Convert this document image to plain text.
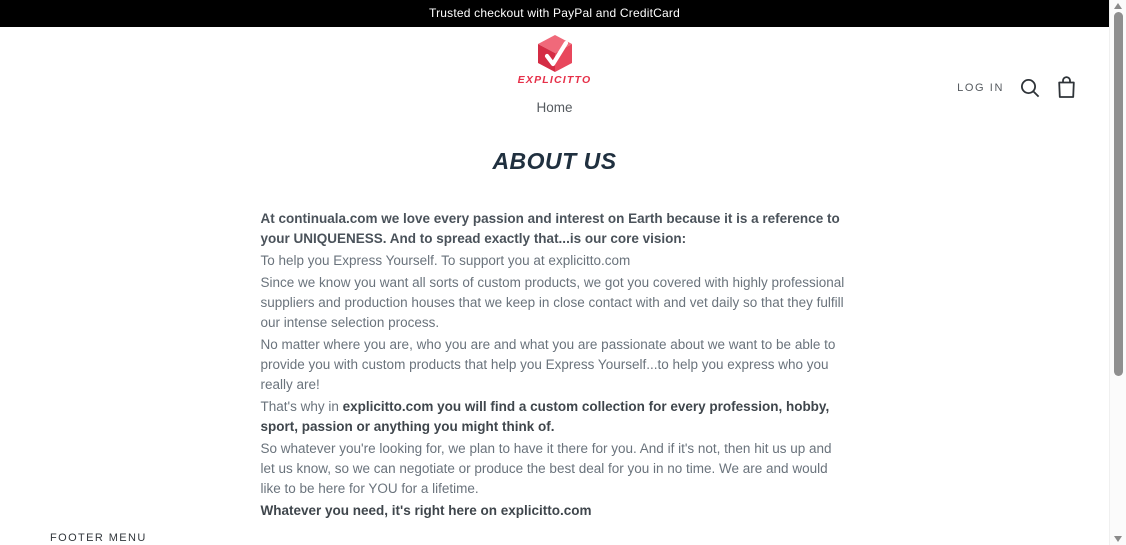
Trusted checkout with PayPal and CreditCard
EXPLICITTO
LOG IN
Home
ABOUT US

At continuala.com we love every passion and interest on Earth because it is a reference to your UNIQUENESS. And to spread exactly that...is our core vision:

To help you Express Yourself. To support you at explicitto.com

Since we know you want all sorts of custom products, we got you covered with highly professional suppliers and production houses that we keep in close contact with and vet daily so that they fulfill our intense selection process.

No matter where you are, who you are and what you are passionate about we want to be able to provide you with custom products that help you Express Yourself...to help you express who you really are!

That's why in explicitto.com you will find a custom collection for every profession, hobby, sport, passion or anything you might think of.

So whatever you're looking for, we plan to have it there for you. And if it's not, then hit us up and let us know, so we can negotiate or produce the best deal for you in no time. We are and would like to be here for YOU for a lifetime.

Whatever you need, it's right here on explicitto.com

FOOTER MENU
